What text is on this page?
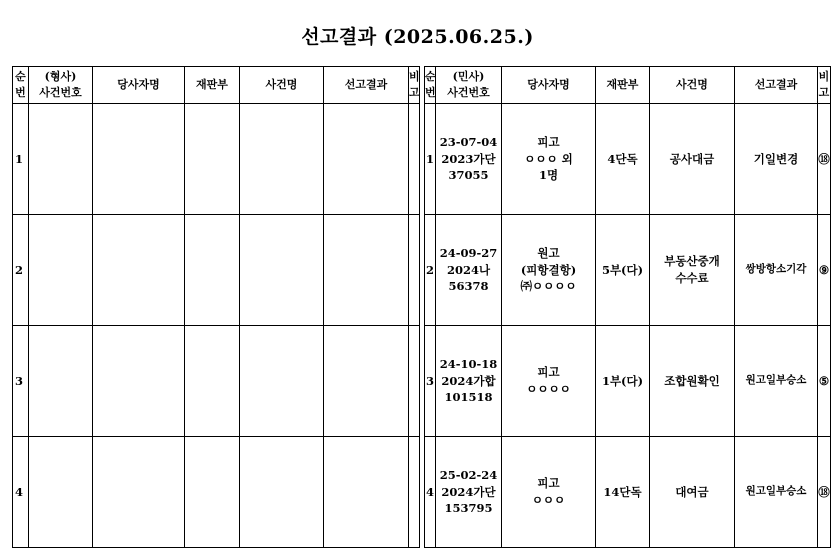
선고결과 (2025.06.25.)
순
번	(형사)
사건번호	당사자명	재판부	사건명	선고결과	비
고

1						
2						
3						
4						
순
번	(민사)
사건번호	당사자명	재판부	사건명	선고결과	비
고

1	23-07-04
2023가단
37055	피고
ㅇㅇㅇ 외
1명	4단독	공사대금	기일변경	⑱
2	24-09-27
2024나
56378	원고
(피항결항)
㈜ㅇㅇㅇㅇ	5부(다)	부동산중개
수수료	쌍방항소기각	⑨
3	24-10-18
2024가합
101518	피고
ㅇㅇㅇㅇ	1부(다)	조합원확인	원고일부승소	⑤
4	25-02-24
2024가단
153795	피고
ㅇㅇㅇ	14단독	대여금	원고일부승소	⑱
